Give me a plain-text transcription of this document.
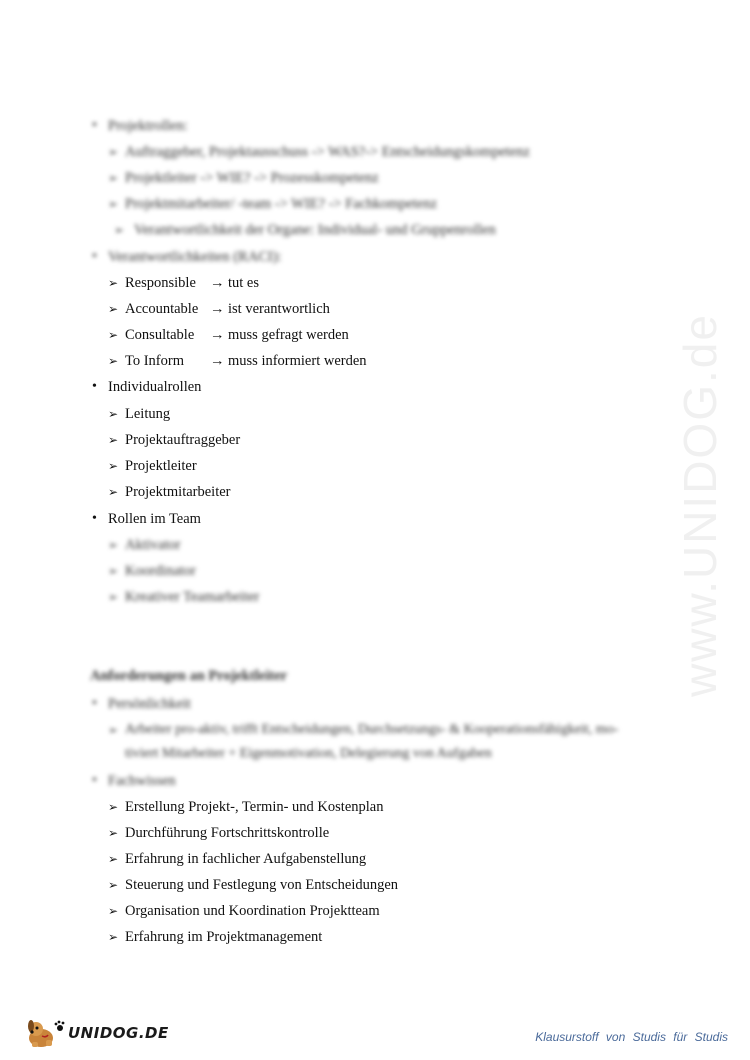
www.UNIDOG.de
• Projektrollen:
➢ Auftraggeber, Projektausschuss -> WAS?-> Entscheidungskompetenz
➢ Projektleiter -> WIE? -> Prozesskompetenz
➢ Projektmitarbeiter/ -team -> WIE? -> Fachkompetenz
➢ Verantwortlichkeit der Organe: Individual- und Gruppenrollen
• Verantwortlichkeiten (RACI):
➢ Responsible → tut es
➢ Accountable → ist verantwortlich
➢ Consultable → muss gefragt werden
➢ To Inform → muss informiert werden
• Individualrollen
➢ Leitung
➢ Projektauftraggeber
➢ Projektleiter
➢ Projektmitarbeiter
• Rollen im Team
➢ Aktivator
➢ Koordinator
➢ Kreativer Teamarbeiter
Anforderungen an Projektleiter
• Persönlichkeit
➢ Arbeiter pro-aktiv, trifft Entscheidungen, Durchsetzungs- & Kooperationsfähigkeit, mo-
tiviert Mitarbeiter + Eigenmotivation, Delegierung von Aufgaben
• Fachwissen
➢ Erstellung Projekt-, Termin- und Kostenplan
➢ Durchführung Fortschrittskontrolle
➢ Erfahrung in fachlicher Aufgabenstellung
➢ Steuerung und Festlegung von Entscheidungen
➢ Organisation und Koordination Projektteam
➢ Erfahrung im Projektmanagement
UNIDOG.DE	Klausurstoff von Studis für Studis
